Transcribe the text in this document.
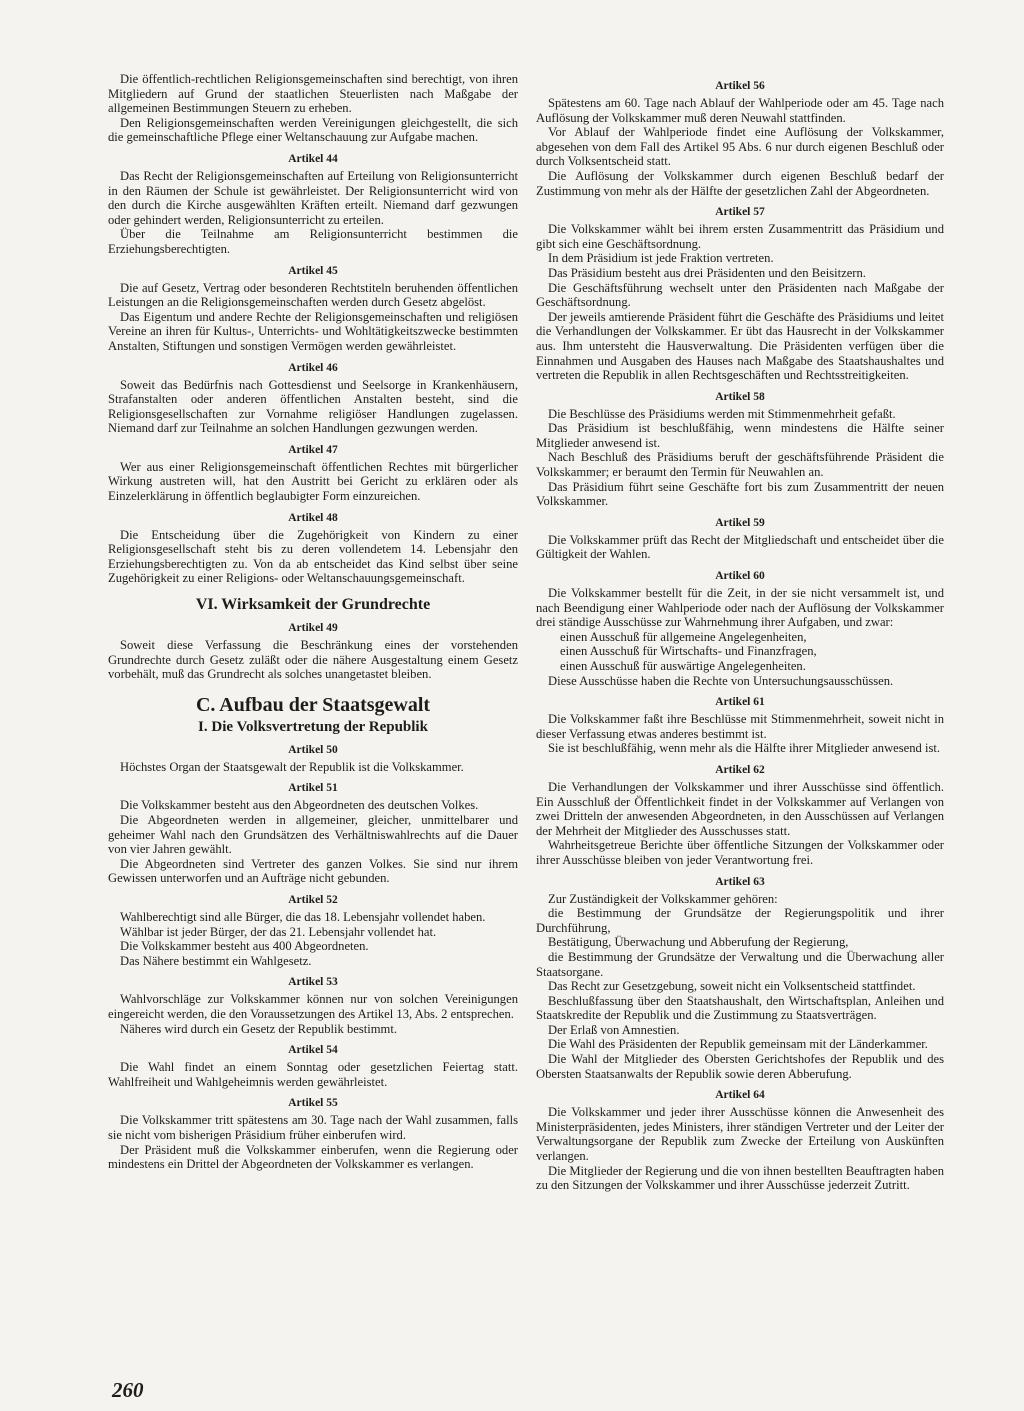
Die öffentlich-rechtlichen Religionsgemeinschaften sind berechtigt, von ihren Mitgliedern auf Grund der staatlichen Steuerlisten nach Maßgabe der allgemeinen Bestimmungen Steuern zu erheben.

Den Religionsgemeinschaften werden Vereinigungen gleichgestellt, die sich die gemeinschaftliche Pflege einer Weltanschauung zur Aufgabe machen.

Artikel 44

Das Recht der Religionsgemeinschaften auf Erteilung von Religionsunterricht in den Räumen der Schule ist gewährleistet. Der Religionsunterricht wird von den durch die Kirche ausgewählten Kräften erteilt. Niemand darf gezwungen oder gehindert werden, Religionsunterricht zu erteilen.

Über die Teilnahme am Religionsunterricht bestimmen die Erziehungsberechtigten.

Artikel 45

Die auf Gesetz, Vertrag oder besonderen Rechtstiteln beruhenden öffentlichen Leistungen an die Religionsgemeinschaften werden durch Gesetz abgelöst.

Das Eigentum und andere Rechte der Religionsgemeinschaften und religiösen Vereine an ihren für Kultus-, Unterrichts- und Wohltätigkeitszwecke bestimmten Anstalten, Stiftungen und sonstigen Vermögen werden gewährleistet.

Artikel 46

Soweit das Bedürfnis nach Gottesdienst und Seelsorge in Krankenhäusern, Strafanstalten oder anderen öffentlichen Anstalten besteht, sind die Religionsgesellschaften zur Vornahme religiöser Handlungen zugelassen. Niemand darf zur Teilnahme an solchen Handlungen gezwungen werden.

Artikel 47

Wer aus einer Religionsgemeinschaft öffentlichen Rechtes mit bürgerlicher Wirkung austreten will, hat den Austritt bei Gericht zu erklären oder als Einzelerklärung in öffentlich beglaubigter Form einzureichen.

Artikel 48

Die Entscheidung über die Zugehörigkeit von Kindern zu einer Religionsgesellschaft steht bis zu deren vollendetem 14. Lebensjahr den Erziehungsberechtigten zu. Von da ab entscheidet das Kind selbst über seine Zugehörigkeit zu einer Religions- oder Weltanschauungsgemeinschaft.

VI. Wirksamkeit der Grundrechte
Artikel 49

Soweit diese Verfassung die Beschränkung eines der vorstehenden Grundrechte durch Gesetz zuläßt oder die nähere Ausgestaltung einem Gesetz vorbehält, muß das Grundrecht als solches unangetastet bleiben.

C. Aufbau der Staatsgewalt
I. Die Volksvertretung der Republik
Artikel 50

Höchstes Organ der Staatsgewalt der Republik ist die Volkskammer.

Artikel 51

Die Volkskammer besteht aus den Abgeordneten des deutschen Volkes.

Die Abgeordneten werden in allgemeiner, gleicher, unmittelbarer und geheimer Wahl nach den Grundsätzen des Verhältniswahlrechts auf die Dauer von vier Jahren gewählt.

Die Abgeordneten sind Vertreter des ganzen Volkes. Sie sind nur ihrem Gewissen unterworfen und an Aufträge nicht gebunden.

Artikel 52

Wahlberechtigt sind alle Bürger, die das 18. Lebensjahr vollendet haben.

Wählbar ist jeder Bürger, der das 21. Lebensjahr vollendet hat.

Die Volkskammer besteht aus 400 Abgeordneten.

Das Nähere bestimmt ein Wahlgesetz.

Artikel 53

Wahlvorschläge zur Volkskammer können nur von solchen Vereinigungen eingereicht werden, die den Voraussetzungen des Artikel 13, Abs. 2 entsprechen.

Näheres wird durch ein Gesetz der Republik bestimmt.

Artikel 54

Die Wahl findet an einem Sonntag oder gesetzlichen Feiertag statt. Wahlfreiheit und Wahlgeheimnis werden gewährleistet.

Artikel 55

Die Volkskammer tritt spätestens am 30. Tage nach der Wahl zusammen, falls sie nicht vom bisherigen Präsidium früher einberufen wird.

Der Präsident muß die Volkskammer einberufen, wenn die Regierung oder mindestens ein Drittel der Abgeordneten der Volkskammer es verlangen.

Artikel 56

Spätestens am 60. Tage nach Ablauf der Wahlperiode oder am 45. Tage nach Auflösung der Volkskammer muß deren Neuwahl stattfinden.

Vor Ablauf der Wahlperiode findet eine Auflösung der Volkskammer, abgesehen von dem Fall des Artikel 95 Abs. 6 nur durch eigenen Beschluß oder durch Volksentscheid statt.

Die Auflösung der Volkskammer durch eigenen Beschluß bedarf der Zustimmung von mehr als der Hälfte der gesetzlichen Zahl der Abgeordneten.

Artikel 57

Die Volkskammer wählt bei ihrem ersten Zusammentritt das Präsidium und gibt sich eine Geschäftsordnung.

In dem Präsidium ist jede Fraktion vertreten.

Das Präsidium besteht aus drei Präsidenten und den Beisitzern.

Die Geschäftsführung wechselt unter den Präsidenten nach Maßgabe der Geschäftsordnung.

Der jeweils amtierende Präsident führt die Geschäfte des Präsidiums und leitet die Verhandlungen der Volkskammer. Er übt das Hausrecht in der Volkskammer aus. Ihm untersteht die Hausverwaltung. Die Präsidenten verfügen über die Einnahmen und Ausgaben des Hauses nach Maßgabe des Staatshaushaltes und vertreten die Republik in allen Rechtsgeschäften und Rechtsstreitigkeiten.

Artikel 58

Die Beschlüsse des Präsidiums werden mit Stimmenmehrheit gefaßt.

Das Präsidium ist beschlußfähig, wenn mindestens die Hälfte seiner Mitglieder anwesend ist.

Nach Beschluß des Präsidiums beruft der geschäftsführende Präsident die Volkskammer; er beraumt den Termin für Neuwahlen an.

Das Präsidium führt seine Geschäfte fort bis zum Zusammentritt der neuen Volkskammer.

Artikel 59

Die Volkskammer prüft das Recht der Mitgliedschaft und entscheidet über die Gültigkeit der Wahlen.

Artikel 60

Die Volkskammer bestellt für die Zeit, in der sie nicht versammelt ist, und nach Beendigung einer Wahlperiode oder nach der Auflösung der Volkskammer drei ständige Ausschüsse zur Wahrnehmung ihrer Aufgaben, und zwar:

einen Ausschuß für allgemeine Angelegenheiten,

einen Ausschuß für Wirtschafts- und Finanzfragen,

einen Ausschuß für auswärtige Angelegenheiten.

Diese Ausschüsse haben die Rechte von Untersuchungsausschüssen.

Artikel 61

Die Volkskammer faßt ihre Beschlüsse mit Stimmenmehrheit, soweit nicht in dieser Verfassung etwas anderes bestimmt ist.

Sie ist beschlußfähig, wenn mehr als die Hälfte ihrer Mitglieder anwesend ist.

Artikel 62

Die Verhandlungen der Volkskammer und ihrer Ausschüsse sind öffentlich. Ein Ausschluß der Öffentlichkeit findet in der Volkskammer auf Verlangen von zwei Dritteln der anwesenden Abgeordneten, in den Ausschüssen auf Verlangen der Mehrheit der Mitglieder des Ausschusses statt.

Wahrheitsgetreue Berichte über öffentliche Sitzungen der Volkskammer oder ihrer Ausschüsse bleiben von jeder Verantwortung frei.

Artikel 63

Zur Zuständigkeit der Volkskammer gehören:

die Bestimmung der Grundsätze der Regierungspolitik und ihrer Durchführung,

Bestätigung, Überwachung und Abberufung der Regierung,

die Bestimmung der Grundsätze der Verwaltung und die Überwachung aller Staatsorgane.

Das Recht zur Gesetzgebung, soweit nicht ein Volksentscheid stattfindet.

Beschlußfassung über den Staatshaushalt, den Wirtschaftsplan, Anleihen und Staatskredite der Republik und die Zustimmung zu Staatsverträgen.

Der Erlaß von Amnestien.

Die Wahl des Präsidenten der Republik gemeinsam mit der Länderkammer.

Die Wahl der Mitglieder des Obersten Gerichtshofes der Republik und des Obersten Staatsanwalts der Republik sowie deren Abberufung.

Artikel 64

Die Volkskammer und jeder ihrer Ausschüsse können die Anwesenheit des Ministerpräsidenten, jedes Ministers, ihrer ständigen Vertreter und der Leiter der Verwaltungsorgane der Republik zum Zwecke der Erteilung von Auskünften verlangen.

Die Mitglieder der Regierung und die von ihnen bestellten Beauftragten haben zu den Sitzungen der Volkskammer und ihrer Ausschüsse jederzeit Zutritt.

260
